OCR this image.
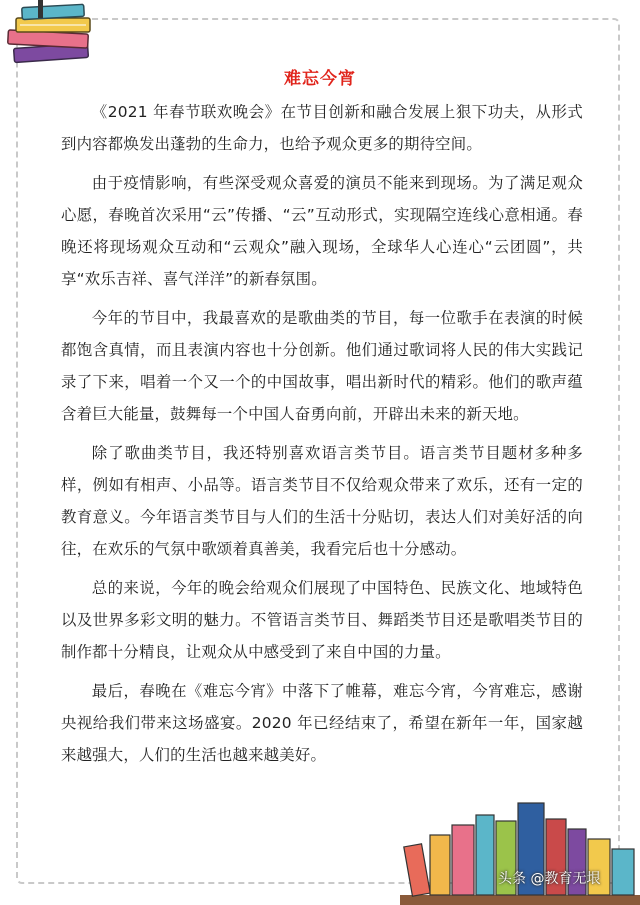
难忘今宵

《2021 年春节联欢晚会》在节目创新和融合发展上狠下功夫，从形式到内容都焕发出蓬勃的生命力，也给予观众更多的期待空间。

由于疫情影响，有些深受观众喜爱的演员不能来到现场。为了满足观众心愿，春晚首次采用“云”传播、“云”互动形式，实现隔空连线心意相通。春晚还将现场观众互动和“云观众”融入现场，全球华人心连心“云团圆”，共享“欢乐吉祥、喜气洋洋”的新春氛围。

今年的节目中，我最喜欢的是歌曲类的节目，每一位歌手在表演的时候都饱含真情，而且表演内容也十分创新。他们通过歌词将人民的伟大实践记录了下来，唱着一个又一个的中国故事，唱出新时代的精彩。他们的歌声蕴含着巨大能量，鼓舞每一个中国人奋勇向前，开辟出未来的新天地。

除了歌曲类节目，我还特别喜欢语言类节目。语言类节目题材多种多样，例如有相声、小品等。语言类节目不仅给观众带来了欢乐，还有一定的教育意义。今年语言类节目与人们的生活十分贴切，表达人们对美好活的向往，在欢乐的气氛中歌颂着真善美，我看完后也十分感动。

总的来说，今年的晚会给观众们展现了中国特色、民族文化、地域特色以及世界多彩文明的魅力。不管语言类节目、舞蹈类节目还是歌唱类节目的制作都十分精良，让观众从中感受到了来自中国的力量。

最后，春晚在《难忘今宵》中落下了帷幕，难忘今宵，今宵难忘，感谢央视给我们带来这场盛宴。2020 年已经结束了，希望在新年一年，国家越来越强大，人们的生活也越来越美好。

头条 @教育无垠
